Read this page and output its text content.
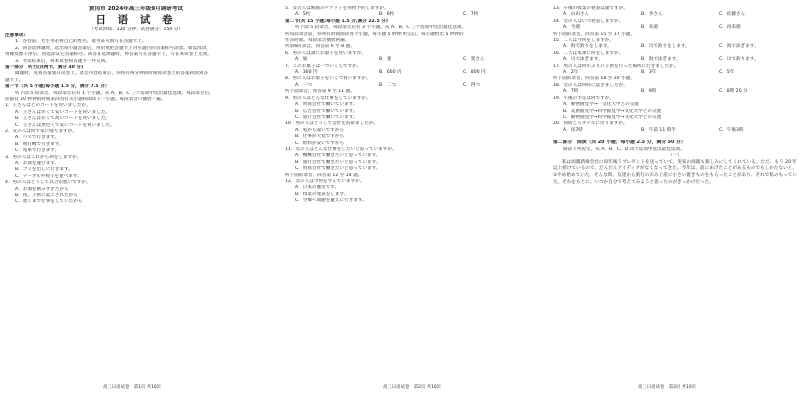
黄冈市 2024年高三年级9月调研考试
日 语 试 卷
（考试时间：120 分钟；试卷满分：150 分）
注意事项:
1．答卷前，考生务必将自己的姓名、准考证号填写在答题卡上。
2．回答选择题时，选出每小题答案后，用铅笔把答题卡上对应题目的答案标号涂黑。如需改动，
用橡皮擦干净后，再选涂其它答案标号。回答非选择题时，将答案写在答题卡上。写在本试卷上无效。
3．考试结束后，将本试卷和答题卡一并交回。
第一部分　听力(共两节，满分 30 分)
做题时，先将答案划在试卷上。录音内容结束后，你将有两分钟的时间将试卷上的答案转涂到答
题卡上。
第一节（共 5 小题;每小题 1.5 分，满分 7.5 分）
听下面 5 段录音，每段录音后有 1 个小题，从 A、B、C 三个选项中选出最佳选项。每段录音后，
你都有 10 秒钟的时间来回答有关小题和阅读下一小题。每段录音只播放一遍。
1．王さんはどのコートを買いましたか。
A．王さんは赤くて安いコートを買いました。
B．王さんは赤くて高いコートを買いました。
C．王さんは黒色くて安いコートを買いました。
2．女の人は何で家に帰りますか。
A．バスで行きます。
B．飛行機で行きます。
C．電車で行きます。
3．男の人はこれから何をしますか。
A．お皿を運びます。
B．ゴミを出しに行きます。
C．テーブルや椅子を並べます。
4．男の人はどうして具合が悪いですか。
A．お酒を飲みすぎたから
B．夜、子供に起こされたから
C．遅くまで仕事をしていたから
高三日语试卷　第1页 共10页
5．女の人は映画のチケットを何枚予約しますか。
A．5枚	B．6枚	C．7枚
第二节(共 15 小题;每小题 1.5 分,满分 22.5 分)
听下面 5 段录音，每段录音后有 3 个小题。从 A、B、C 三个选项中选出最佳选项。
听每段录音前，你将有时间阅读各个小题，每小题 5 秒钟;听完后，每小题给出 5 秒钟的
作答时间。每段录音播放两遍。
听第6段录音，回答第 6 至 8 题。
6．男の人は誰にお菓子を買いますか。
A．娘	B．妻	C．奥さん
7．このお菓子は一ついくらですか。
A．300 円	B．600 円	C．800 円
8．男の人はお菓子をいくつ買いますか。
A．一つ	B．二つ	C．四つ
听下面录音，回答第 9 至 11 题。
9．男の人はどんな仕事をしていますか。
A．貿易会社で働いています。
B．広告会社で働いています。
C．旅行会社で働いています。
10．男の人はどうして会社を辞めましたか。
A．家から遠いですから
B．仕事が大変ですから
C．給料が安いですから
11．女の人はどんな仕事をしたいと思っていますか。
A．機械会社で働きたいと思っています。
B．旅行会社で働きたいと思っています。
C．貿易会社で働きたいと思っています。
听下面的录音，回答第 12 至 14 题。
12．女の人は今何を学んでいますか。
A．日本の歴史です。
B．授業の発表をします。
C．空爆へ問題を避えに行きます。
高三日语试卷　第2页 共10页
13．午後の授業の発表は誰ですか。
A．山田さん	B．李さん	C．佐藤さん
14．女の人はいつ発表しますか。
A．今週	B．来週	C．再来週
听下面的录音，回答第 15 至 17 小题。
15．二人は今何をしますか。
A．海で釣りをします。	B．川で釣りをします。	C．海で泳ぎます。
16．二人は本番に何をしますか。
A．川で泳ぎます。	B．海で泳ぎます。	C．川で釣ります。
17．男の人は何年ぶりに子供を行った場所に行きましたか。
A．2年	B．3年	C．5年
听下面的录音，回答第 18 至 20 小题。
18．女の人は何時に起きましたか。
A．7時	B．9時	C．8時 20 分
19．午後の予定は何ですか。
A．動物園見学→一文化大学との交流
B．美術館見学→科学館見学→文化大学との交流
C．動物園見学→科学館見学→文化大学との交流
20．何時ごろホテルに戻りますか。
A．夜7時	B．午前 11 時半	C．午後3時
第二部分　阅读（共 20 小题；每小题 2.5 分，满分 50 分）
阅读下列短文，从 A、B、C、D 四个选项中选出最佳选项。
（一）
私は両親新婦会社に毎年後うプレゼントを送っていて、実家の両親も楽しみにしてくれている。ただ、もう 20 年以上続けているので、だんだんアイディアがなくなってきた。今年は、前にあげたことがあるものでもしかたないと、①やめ始めていた。そんな時、友達から旅行のおみ上産に小さい置きものをもらったことがあり、それで私のもっていた。それをもとに、いつか自分で考えてみようと思ったのがきっかけだった。
高三日语试卷　第3页 共10页
